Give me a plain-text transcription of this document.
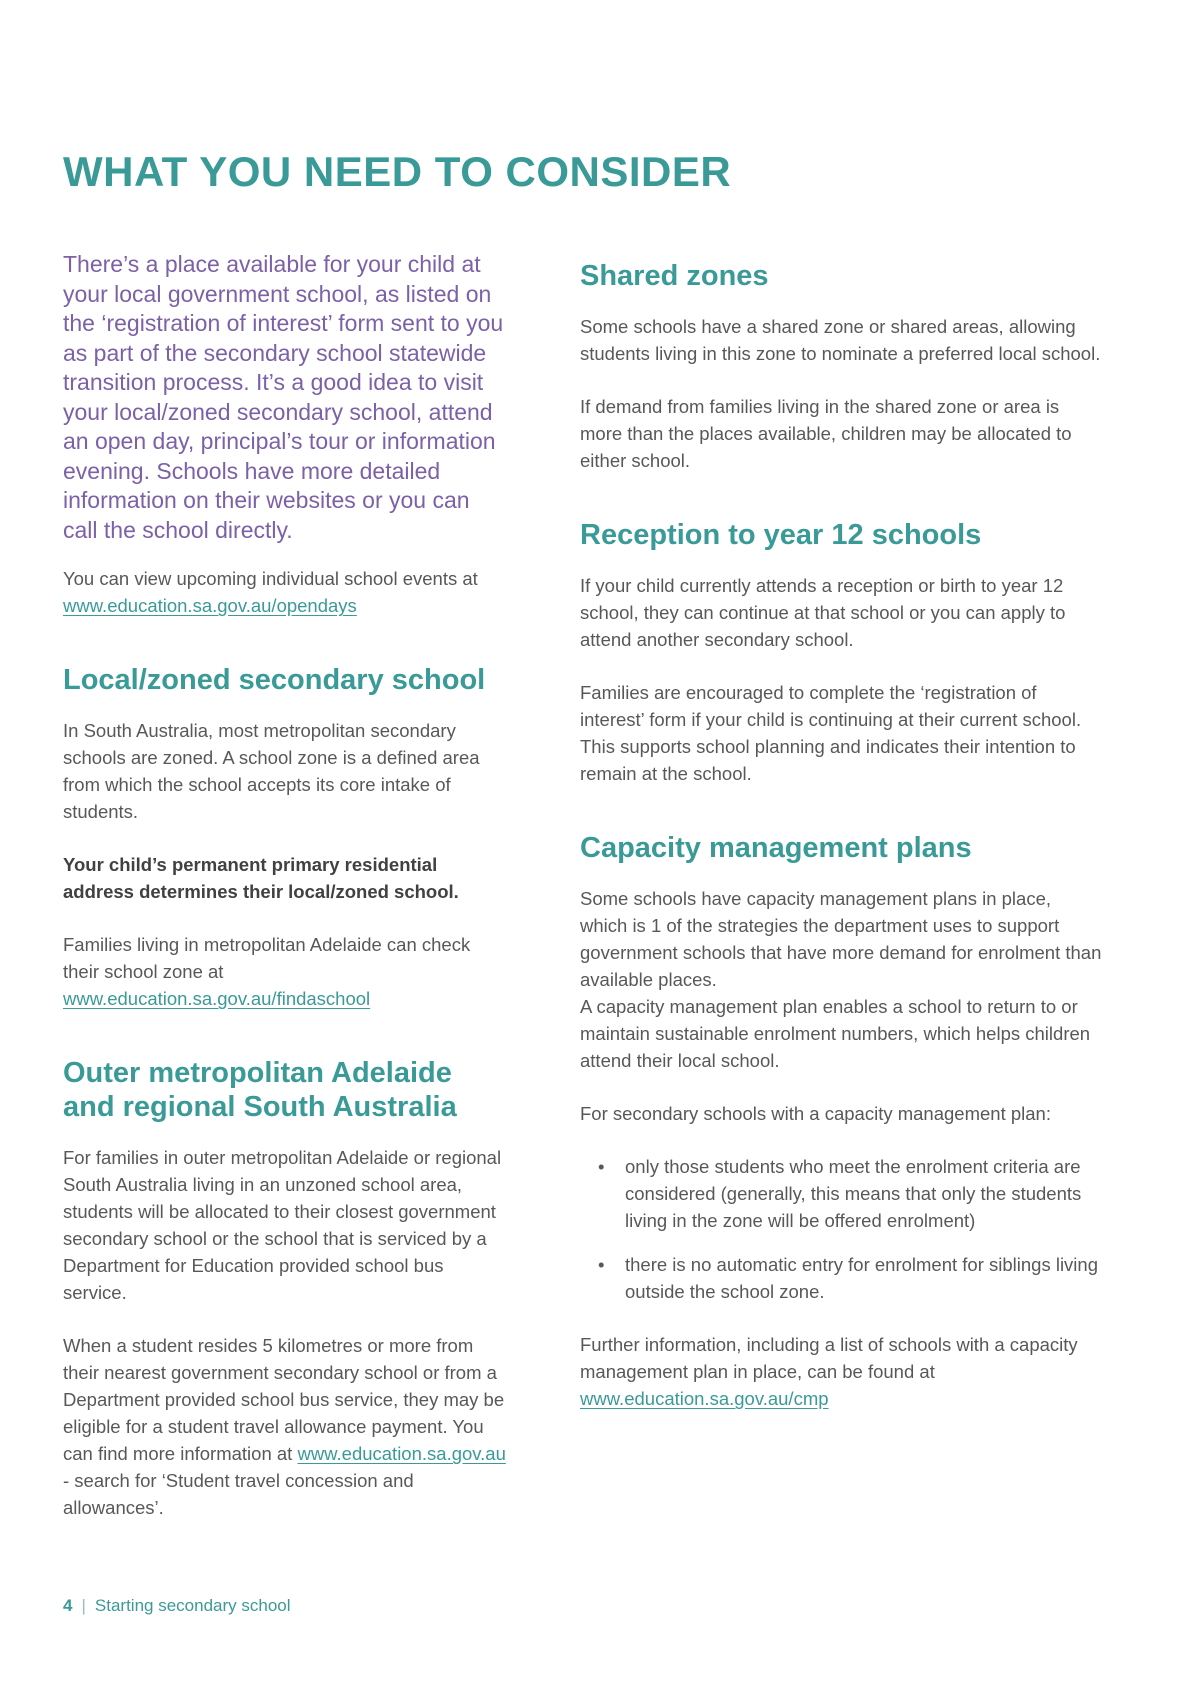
WHAT YOU NEED TO CONSIDER

There’s a place available for your child at your local government school, as listed on the ‘registration of interest’ form sent to you as part of the secondary school statewide transition process. It’s a good idea to visit your local/zoned secondary school, attend an open day, principal’s tour or information evening. Schools have more detailed information on their websites or you can call the school directly.

You can view upcoming individual school events at www.education.sa.gov.au/opendays

Local/zoned secondary school

In South Australia, most metropolitan secondary schools are zoned. A school zone is a defined area from which the school accepts its core intake of students.

Your child’s permanent primary residential address determines their local/zoned school.

Families living in metropolitan Adelaide can check their school zone at www.education.sa.gov.au/findaschool

Outer metropolitan Adelaide and regional South Australia

For families in outer metropolitan Adelaide or regional South Australia living in an unzoned school area, students will be allocated to their closest government secondary school or the school that is serviced by a Department for Education provided school bus service.

When a student resides 5 kilometres or more from their nearest government secondary school or from a Department provided school bus service, they may be eligible for a student travel allowance payment. You can find more information at www.education.sa.gov.au - search for ‘Student travel concession and allowances’.

Shared zones

Some schools have a shared zone or shared areas, allowing students living in this zone to nominate a preferred local school.

If demand from families living in the shared zone or area is more than the places available, children may be allocated to either school.

Reception to year 12 schools

If your child currently attends a reception or birth to year 12 school, they can continue at that school or you can apply to attend another secondary school.

Families are encouraged to complete the ‘registration of interest’ form if your child is continuing at their current school. This supports school planning and indicates their intention to remain at the school.

Capacity management plans

Some schools have capacity management plans in place, which is 1 of the strategies the department uses to support government schools that have more demand for enrolment than available places.

A capacity management plan enables a school to return to or maintain sustainable enrolment numbers, which helps children attend their local school.

For secondary schools with a capacity management plan:

• only those students who meet the enrolment criteria are considered (generally, this means that only the students living in the zone will be offered enrolment)
• there is no automatic entry for enrolment for siblings living outside the school zone.

Further information, including a list of schools with a capacity management plan in place, can be found at www.education.sa.gov.au/cmp

4 | Starting secondary school
